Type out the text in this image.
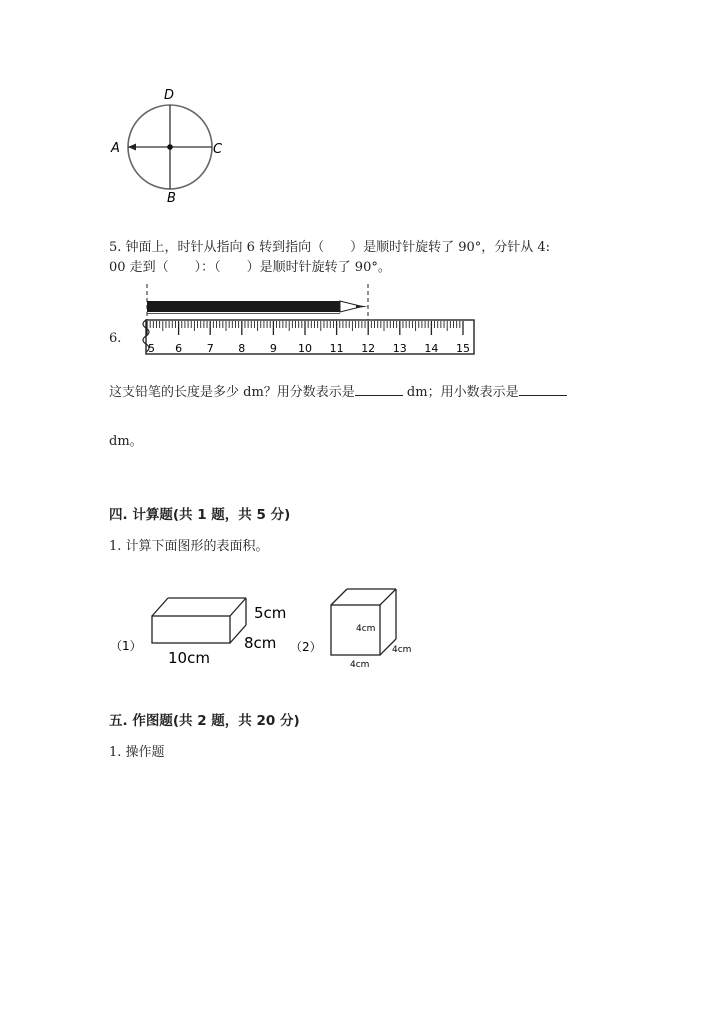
D
A	C
B
5. 钟面上，时针从指向 6 转到指向（　　）是顺时针旋转了 90°，分针从 4:
00 走到（　　）：（　　）是顺时针旋转了 90°。
6.
5 6 7 8 9 10 11 12 13 14 15
这支铅笔的长度是多少 dm？用分数表示是	dm；用小数表示是
dm。
四. 计算题(共 1 题，共 5 分)
1. 计算下面图形的表面积。
（1）
5cm
8cm
10cm
（2）
4cm
4cm
4cm
五. 作图题(共 2 题，共 20 分)
1. 操作题
